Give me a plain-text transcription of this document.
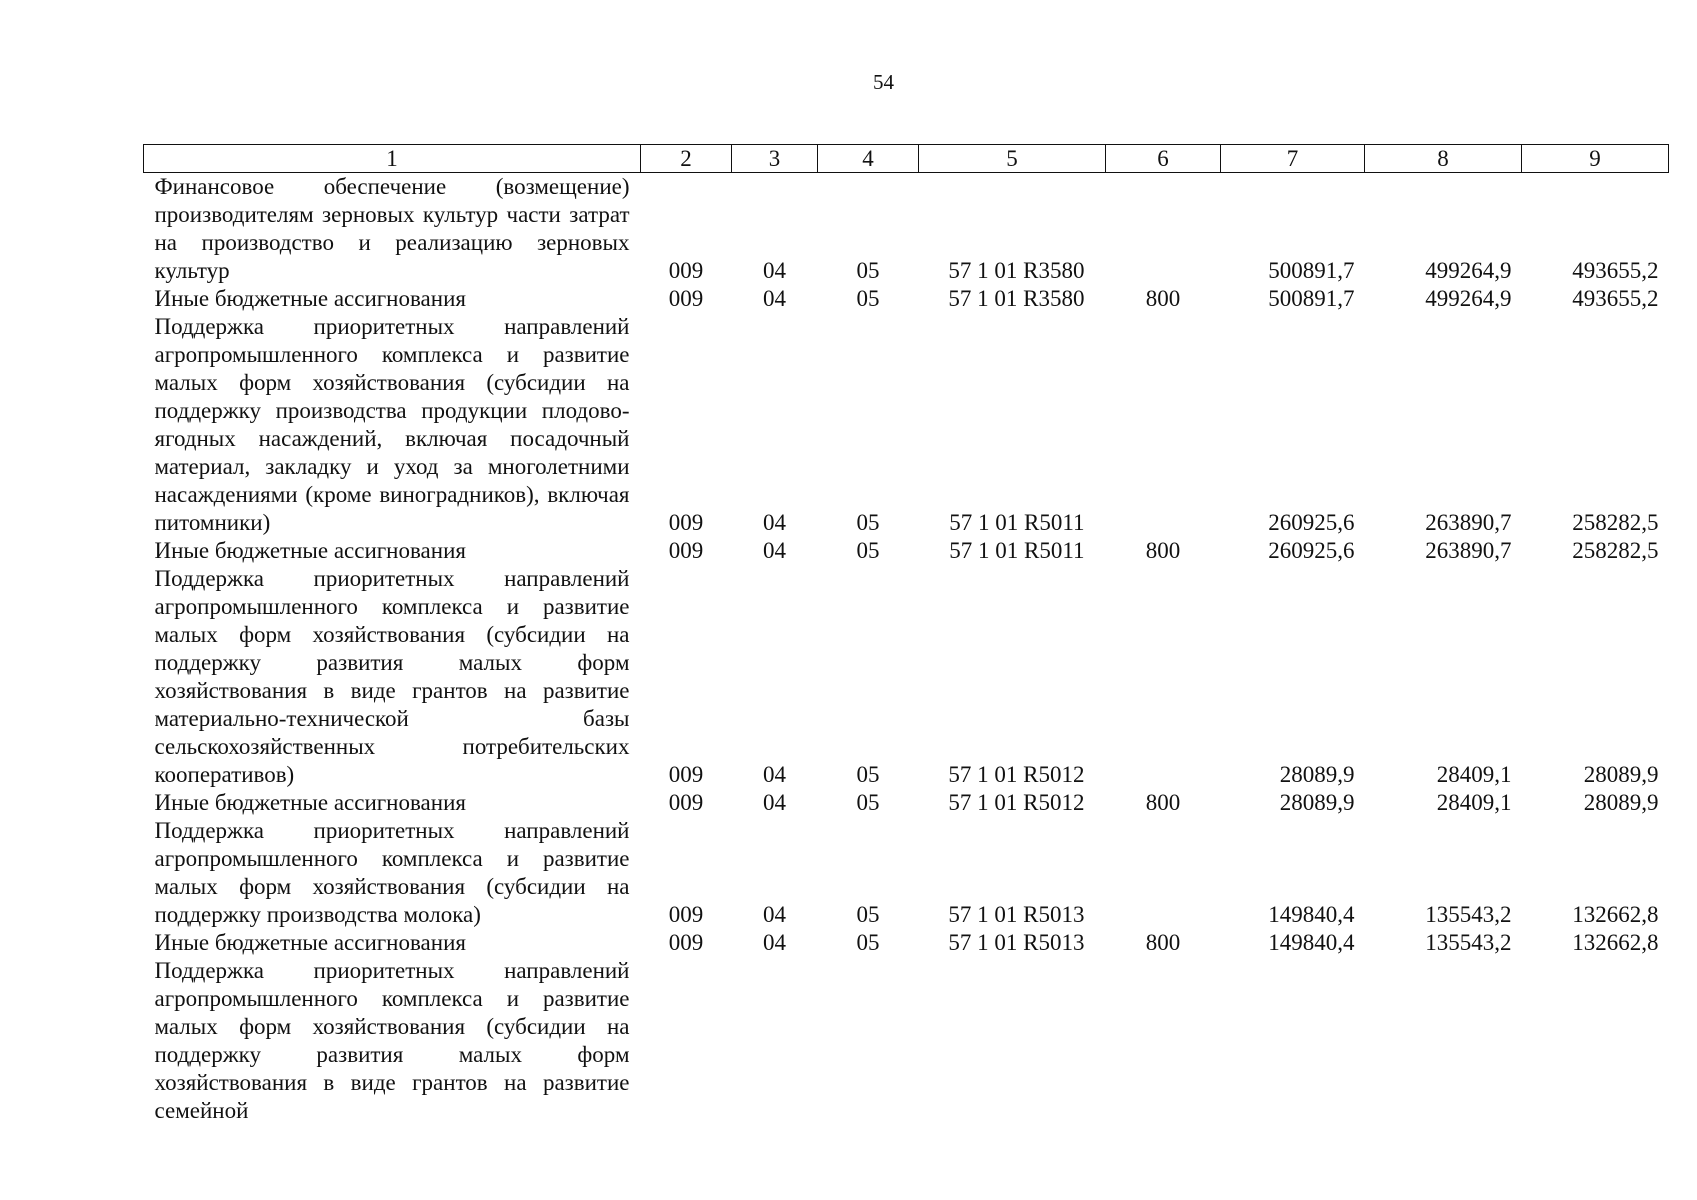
54
1	2	3	4	5	6	7	8	9
Финансовое обеспечение (возмещение) производителям зерновых культур части затрат на производство и реализацию зерновых культур	009	04	05	57 1 01 R3580		500891,7	499264,9	493655,2
Иные бюджетные ассигнования	009	04	05	57 1 01 R3580	800	500891,7	499264,9	493655,2
Поддержка приоритетных направлений агропромышленного комплекса и развитие малых форм хозяйствования (субсидии на поддержку производства продукции плодово-ягодных насаждений, включая посадочный материал, закладку и уход за многолетними насаждениями (кроме виноградников), включая питомники)	009	04	05	57 1 01 R5011		260925,6	263890,7	258282,5
Иные бюджетные ассигнования	009	04	05	57 1 01 R5011	800	260925,6	263890,7	258282,5
Поддержка приоритетных направлений агропромышленного комплекса и развитие малых форм хозяйствования (субсидии на поддержку развития малых форм хозяйствования в виде грантов на развитие материально-технической базы сельскохозяйственных потребительских кооперативов)	009	04	05	57 1 01 R5012		28089,9	28409,1	28089,9
Иные бюджетные ассигнования	009	04	05	57 1 01 R5012	800	28089,9	28409,1	28089,9
Поддержка приоритетных направлений агропромышленного комплекса и развитие малых форм хозяйствования (субсидии на поддержку производства молока)	009	04	05	57 1 01 R5013		149840,4	135543,2	132662,8
Иные бюджетные ассигнования	009	04	05	57 1 01 R5013	800	149840,4	135543,2	132662,8
Поддержка приоритетных направлений агропромышленного комплекса и развитие малых форм хозяйствования (субсидии на поддержку развития малых форм хозяйствования в виде грантов на развитие семейной								
